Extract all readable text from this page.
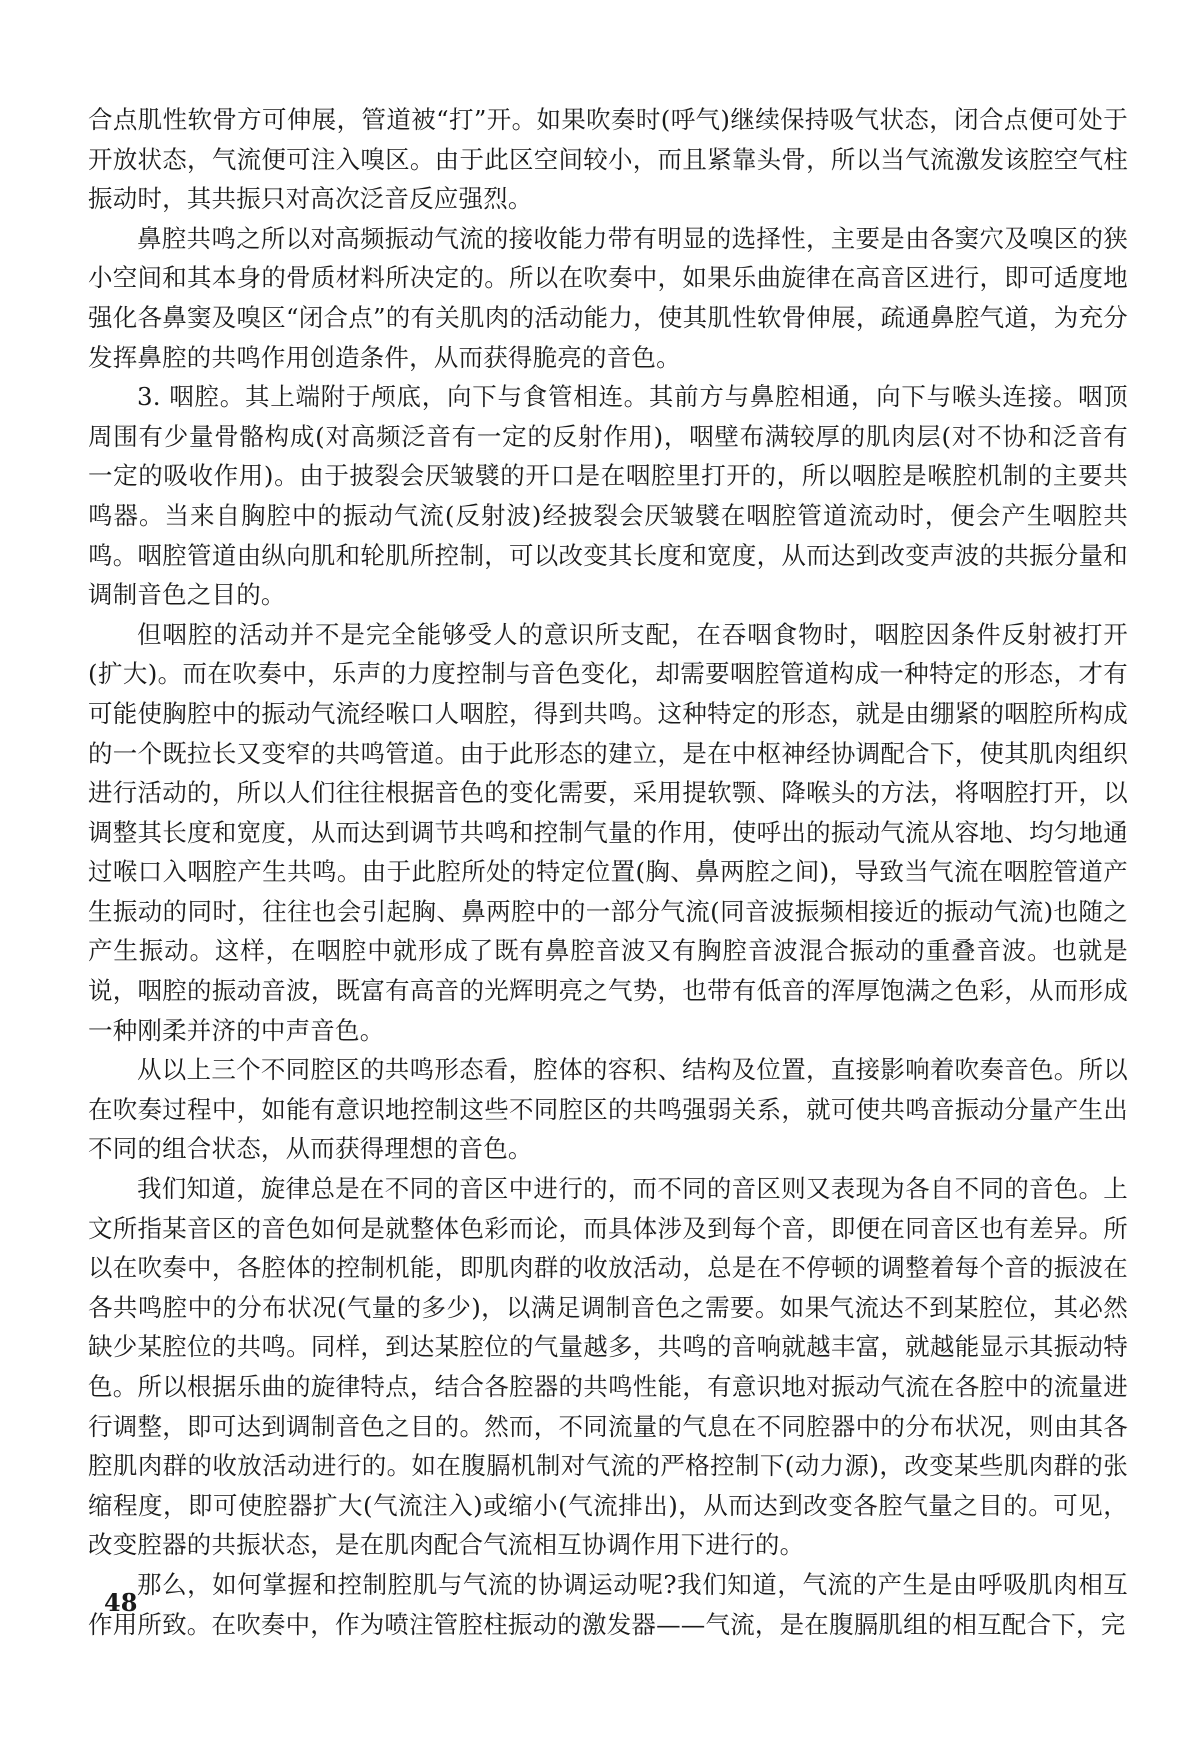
合点肌性软骨方可伸展，管道被“打”开。如果吹奏时(呼气)继续保持吸气状态，闭合点便可处于开放状态，气流便可注入嗅区。由于此区空间较小，而且紧靠头骨，所以当气流激发该腔空气柱振动时，其共振只对高次泛音反应强烈。

鼻腔共鸣之所以对高频振动气流的接收能力带有明显的选择性，主要是由各窦穴及嗅区的狭小空间和其本身的骨质材料所决定的。所以在吹奏中，如果乐曲旋律在高音区进行，即可适度地强化各鼻窦及嗅区“闭合点”的有关肌肉的活动能力，使其肌性软骨伸展，疏通鼻腔气道，为充分发挥鼻腔的共鸣作用创造条件，从而获得脆亮的音色。

3. 咽腔。其上端附于颅底，向下与食管相连。其前方与鼻腔相通，向下与喉头连接。咽顶周围有少量骨骼构成(对高频泛音有一定的反射作用)，咽壁布满较厚的肌肉层(对不协和泛音有一定的吸收作用)。由于披裂会厌皱襞的开口是在咽腔里打开的，所以咽腔是喉腔机制的主要共鸣器。当来自胸腔中的振动气流(反射波)经披裂会厌皱襞在咽腔管道流动时，便会产生咽腔共鸣。咽腔管道由纵向肌和轮肌所控制，可以改变其长度和宽度，从而达到改变声波的共振分量和调制音色之目的。

但咽腔的活动并不是完全能够受人的意识所支配，在吞咽食物时，咽腔因条件反射被打开(扩大)。而在吹奏中，乐声的力度控制与音色变化，却需要咽腔管道构成一种特定的形态，才有可能使胸腔中的振动气流经喉口人咽腔，得到共鸣。这种特定的形态，就是由绷紧的咽腔所构成的一个既拉长又变窄的共鸣管道。由于此形态的建立，是在中枢神经协调配合下，使其肌肉组织进行活动的，所以人们往往根据音色的变化需要，采用提软颚、降喉头的方法，将咽腔打开，以调整其长度和宽度，从而达到调节共鸣和控制气量的作用，使呼出的振动气流从容地、均匀地通过喉口入咽腔产生共鸣。由于此腔所处的特定位置(胸、鼻两腔之间)，导致当气流在咽腔管道产生振动的同时，往往也会引起胸、鼻两腔中的一部分气流(同音波振频相接近的振动气流)也随之产生振动。这样，在咽腔中就形成了既有鼻腔音波又有胸腔音波混合振动的重叠音波。也就是说，咽腔的振动音波，既富有高音的光辉明亮之气势，也带有低音的浑厚饱满之色彩，从而形成一种刚柔并济的中声音色。

从以上三个不同腔区的共鸣形态看，腔体的容积、结构及位置，直接影响着吹奏音色。所以在吹奏过程中，如能有意识地控制这些不同腔区的共鸣强弱关系，就可使共鸣音振动分量产生出不同的组合状态，从而获得理想的音色。

我们知道，旋律总是在不同的音区中进行的，而不同的音区则又表现为各自不同的音色。上文所指某音区的音色如何是就整体色彩而论，而具体涉及到每个音，即便在同音区也有差异。所以在吹奏中，各腔体的控制机能，即肌肉群的收放活动，总是在不停顿的调整着每个音的振波在各共鸣腔中的分布状况(气量的多少)，以满足调制音色之需要。如果气流达不到某腔位，其必然缺少某腔位的共鸣。同样，到达某腔位的气量越多，共鸣的音响就越丰富，就越能显示其振动特色。所以根据乐曲的旋律特点，结合各腔器的共鸣性能，有意识地对振动气流在各腔中的流量进行调整，即可达到调制音色之目的。然而，不同流量的气息在不同腔器中的分布状况，则由其各腔肌肉群的收放活动进行的。如在腹膈机制对气流的严格控制下(动力源)，改变某些肌肉群的张缩程度，即可使腔器扩大(气流注入)或缩小(气流排出)，从而达到改变各腔气量之目的。可见，改变腔器的共振状态，是在肌肉配合气流相互协调作用下进行的。

那么，如何掌握和控制腔肌与气流的协调运动呢?我们知道，气流的产生是由呼吸肌肉相互作用所致。在吹奏中，作为喷注管腔柱振动的激发器——气流，是在腹膈肌组的相互配合下，完

48
